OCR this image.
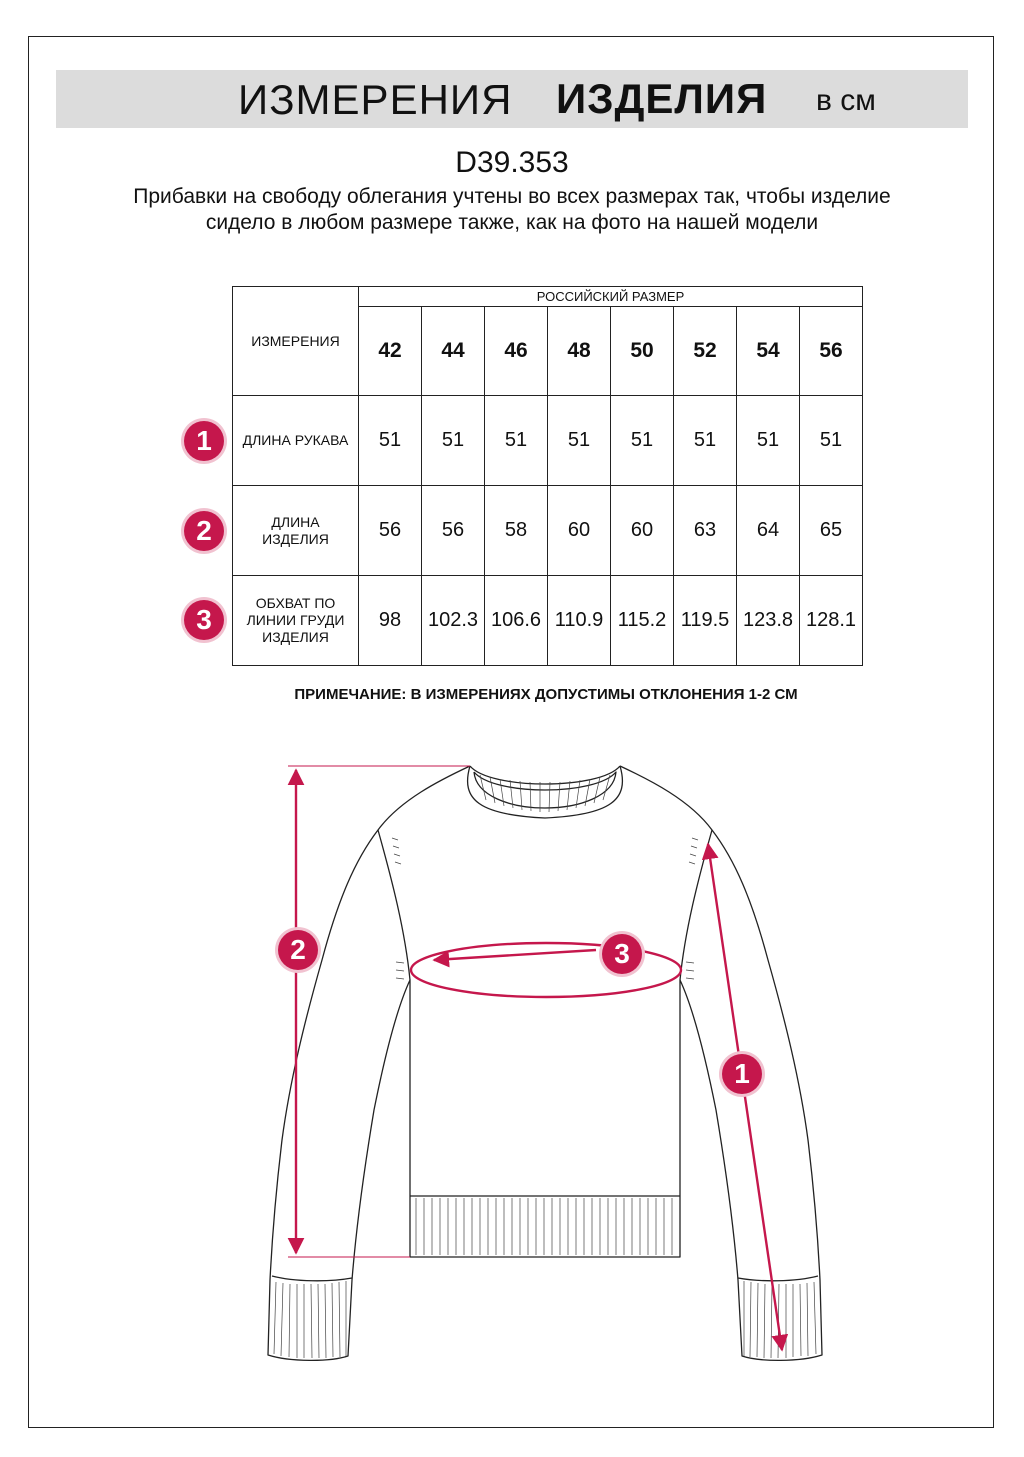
ИЗМЕРЕНИЯ ИЗДЕЛИЯ в см
D39.353
Прибавки на свободу облегания учтены во всех размерах так, чтобы изделие сидело в любом размере также, как на фото на нашей модели
ИЗМЕРЕНИЯ	РОССИЙСКИЙ РАЗМЕР							
	42	44	46	48	50	52	54	56
ДЛИНА РУКАВА	51	51	51	51	51	51	51	51
ДЛИНА ИЗДЕЛИЯ	56	56	58	60	60	63	64	65
ОБХВАТ ПО ЛИНИИ ГРУДИ ИЗДЕЛИЯ	98	102.3	106.6	110.9	115.2	119.5	123.8	128.1
1
2
3
ПРИМЕЧАНИЕ: В ИЗМЕРЕНИЯХ ДОПУСТИМЫ ОТКЛОНЕНИЯ 1-2 СМ
2	3
1
